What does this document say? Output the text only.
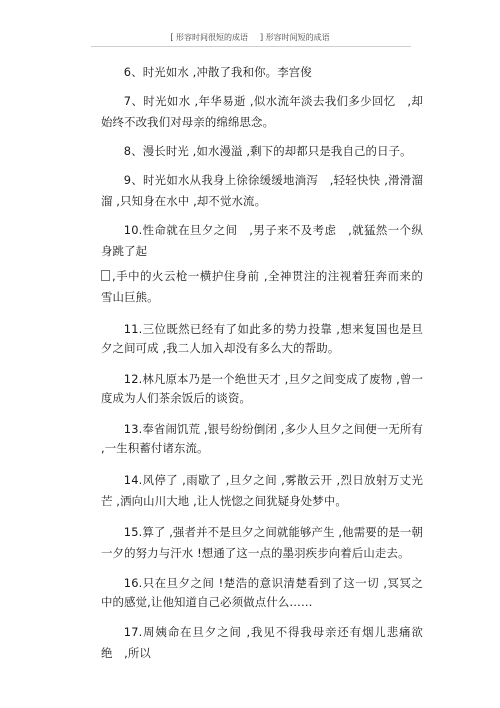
[ 形容时间很短的成语 ] 形容时间短的成语

6、时光如水 ,冲散了我和你。李宫俊

7、时光如水 ,年华易逝 ,似水流年淡去我们多少回忆　,却始终不改我们对母亲的绵绵思念。

8、漫长时光 ,如水漫溢 ,剩下的却都只是我自己的日子。

9、时光如水从我身上徐徐缓缓地淌泻　,轻轻快快 ,滑滑溜溜 ,只知身在水中 ,却不觉水流。

10.性命就在旦夕之间　,男子来不及考虑　,就猛然一个纵身跳了起

,手中的火云枪一横护住身前 ,全神贯注的注视着狂奔而来的雪山巨熊。

11.三位既然已经有了如此多的势力投靠 ,想来复国也是旦夕之间可成 ,我二人加入却没有多么大的帮助。

12.林凡原本乃是一个绝世天才 ,旦夕之间变成了废物 ,曾一度成为人们茶余饭后的谈资。

13.奉省闹饥荒 ,银号纷纷倒闭 ,多少人旦夕之间便一无所有 ,一生积蓄付诸东流。

14.风停了 ,雨歇了 ,旦夕之间 ,雾散云开 ,烈日放射万丈光芒 ,洒向山川大地 ,让人恍惚之间犹疑身处梦中。

15.算了 ,强者并不是旦夕之间就能够产生 ,他需要的是一朝一夕的努力与汗水 !想通了这一点的墨羽疾步向着后山走去。

16.只在旦夕之间 !楚浩的意识清楚看到了这一切 ,冥冥之中的感觉,让他知道自己必须做点什么……

17.周姨命在旦夕之间 ,我见不得我母亲还有烟儿悲痛欲绝　,所以
